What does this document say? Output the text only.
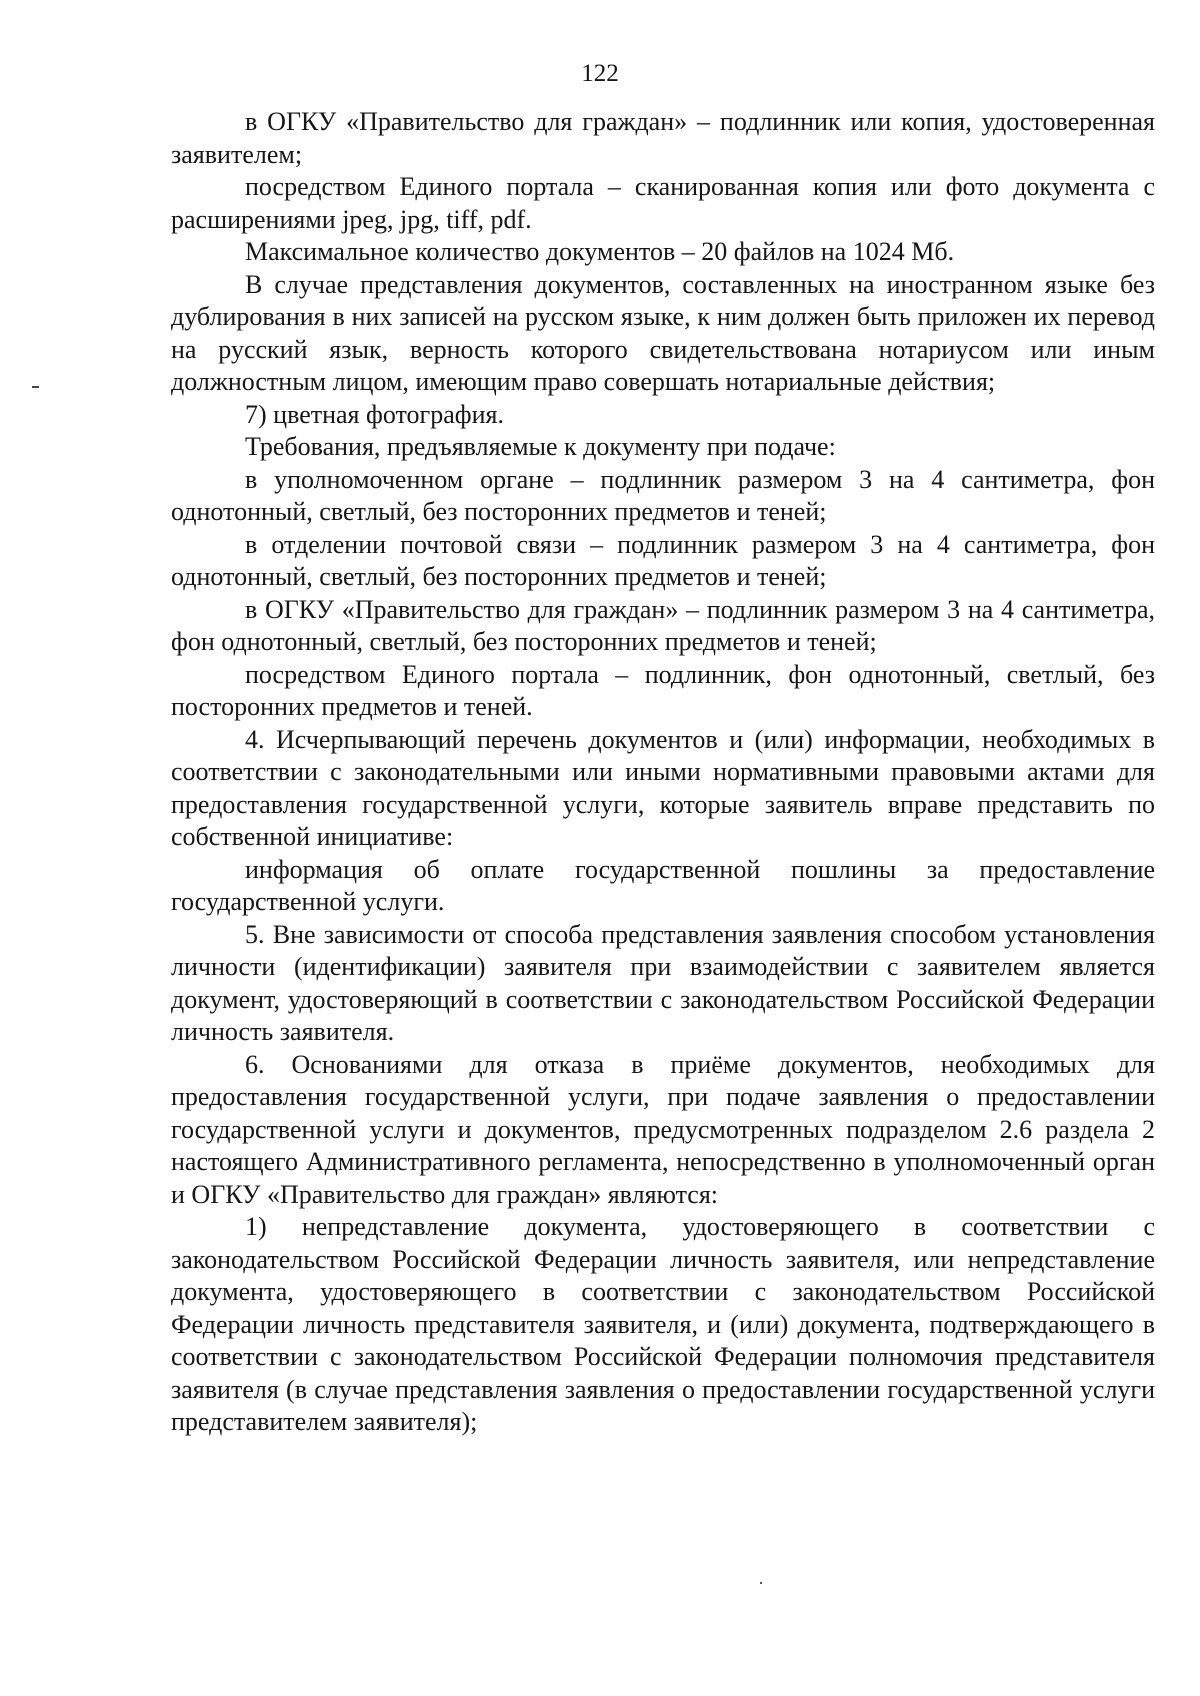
122

в ОГКУ «Правительство для граждан» – подлинник или копия, удостоверенная заявителем;

посредством Единого портала – сканированная копия или фото документа с расширениями jpeg, jpg, tiff, pdf.

Максимальное количество документов – 20 файлов на 1024 Мб.

В случае представления документов, составленных на иностранном языке без дублирования в них записей на русском языке, к ним должен быть приложен их перевод на русский язык, верность которого свидетельствована нотариусом или иным должностным лицом, имеющим право совершать нотариальные действия;

7) цветная фотография.

Требования, предъявляемые к документу при подаче:

в уполномоченном органе – подлинник размером 3 на 4 сантиметра, фон однотонный, светлый, без посторонних предметов и теней;

в отделении почтовой связи – подлинник размером 3 на 4 сантиметра, фон однотонный, светлый, без посторонних предметов и теней;

в ОГКУ «Правительство для граждан» – подлинник размером 3 на 4 сантиметра, фон однотонный, светлый, без посторонних предметов и теней;

посредством Единого портала – подлинник, фон однотонный, светлый, без посторонних предметов и теней.

4. Исчерпывающий перечень документов и (или) информации, необходимых в соответствии с законодательными или иными нормативными правовыми актами для предоставления государственной услуги, которые заявитель вправе представить по собственной инициативе:

информация об оплате государственной пошлины за предоставление государственной услуги.

5. Вне зависимости от способа представления заявления способом установления личности (идентификации) заявителя при взаимодействии с заявителем является документ, удостоверяющий в соответствии с законодательством Российской Федерации личность заявителя.

6. Основаниями для отказа в приёме документов, необходимых для предоставления государственной услуги, при подаче заявления о предоставлении государственной услуги и документов, предусмотренных подразделом 2.6 раздела 2 настоящего Административного регламента, непосредственно в уполномоченный орган и ОГКУ «Правительство для граждан» являются:

1) непредставление документа, удостоверяющего в соответствии с законодательством Российской Федерации личность заявителя, или непредставление документа, удостоверяющего в соответствии с законодательством Российской Федерации личность представителя заявителя, и (или) документа, подтверждающего в соответствии с законодательством Российской Федерации полномочия представителя заявителя (в случае представления заявления о предоставлении государственной услуги представителем заявителя);
